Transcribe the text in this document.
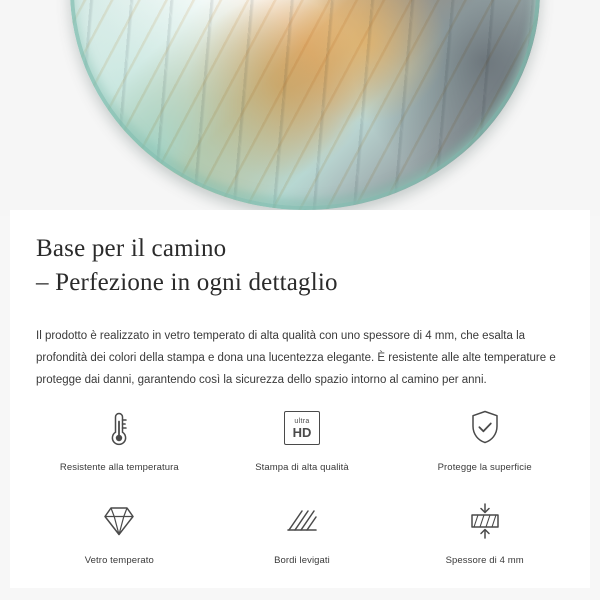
Base per il camino
– Perfezione in ogni dettaglio
Il prodotto è realizzato in vetro temperato di alta qualità con uno spessore di 4 mm, che esalta la profondità dei colori della stampa e dona una lucentezza elegante. È resistente alle alte temperature e protegge dai danni, garantendo così la sicurezza dello spazio intorno al camino per anni.
Resistente alla temperatura
ultra
HD
Stampa di alta qualità	Protegge la superficie
Vetro temperato	Bordi levigati	Spessore di 4 mm
